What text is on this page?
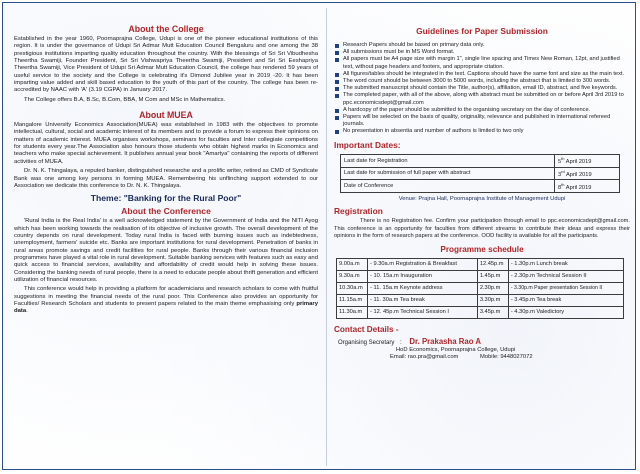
About the College

Established in the year 1960, Poornaprajna College, Udupi is one of the pioneer educational institutions of this region. It is under the governance of Udupi Sri Admar Mutt Education Council Bengaluru and one among the 38 prestigious institutions imparting quality education throughout the country. With the blessings of Sri Sri Vibudhesha Theertha Swamiji, Founder President, Sri Sri Vishwapriya Theertha Swamiji, President and Sri Sri Eeshapriya Theertha Swamiji, Vice President of Udupi Sri Admar Mutt Education Council, the college has rendered 59 years of useful service to the society and the College is celebrating it's Dimond Jubilee year in 2019 -20. It has been imparting value added and skill based education to the youth of this part of the country. The college has been re-accredited by NAAC with 'A' (3.19 CGPA) in January 2017.

The College offers B.A, B.Sc, B.Com, BBA, M Com and MSc in Mathematics.

About MUEA

Mangalore University Economics Association(MUEA) was established in 1983 with the objectives to promote intellectual, cultural, social and academic interest of its members and to provide a forum to express their opinions on matters of academic interest. MUEA organises workshops, seminars for faculties and Inter collegiate competitions for students every year.The Association also honours those students who obtain highest marks in Economics and teachers who make special achievement. It publishes annual year book "Amartya" containing the reports of different activities of MUEA.

Dr. N. K. Thingalaya, a reputed banker, distinguished researche and a prolific writer, retired as CMD of Syndicate Bank was one among key persons in forming MUEA. Remembering his unflinching support extended to our Association we dedicate this conference to Dr. N. K. Thingalaya.

Theme: "Banking for the Rural Poor"
About the Conference

'Rural India is the Real India' is a well acknowledged statement by the Government of India and the NITI Ayog which has been working towards the realisation of its objective of inclusive growth. The overall development of the country depends on rural development. Today rural India is faced with burning issues such as indebtedness, unemployment, farmers' suicide etc. Banks are important institutions for rural development. Penetration of banks in rural areas promote savings and credit facilities for rural people. Banks through their various financial inclusion programmes have played a vital role in rural development. Suitable banking services with features such as easy and quick access to financial services, availability and affordability of credit would help in solving these issues. Considering the banking needs of rural people, there is a need to educate people about thrift generation and efficient utilization of financial resources.

This conference would help in providing a platform for academicians and research scholars to come with fruitful suggestions in meeting the financial needs of the rural poor. This Conference also provides an opportunity for Faculties/ Research Scholars and students to present papers related to the main theme emphasising only primary data.

Guidelines for Paper Submission
Research Papers should be based on primary data only.
All submissions must be in MS Word format.
All papers must be A4 page size with margin 1", single line spacing and Times New Roman, 12pt, and justified text, without page headers and footers, and appropriate citation.
All figures/tables should be integrated in the text. Captions should have the same font and size as the main text.
The word count should be between 3000 to 5000 words, including the abstract that is limited to 300 words.
The submitted manuscript should contain the Title, author(s), affiliation, email ID, abstract, and five keywords.
The completed paper, with all of the above, along with abstract must be submitted on or before April 3rd 2019 to ppc.economicsdept@gmail.com
A hardcopy of the paper should be submitted to the organising secretary on the day of conference.
Papers will be selected on the basis of quality, originality, relevance and published in international refereed journals.
No presentation in absentia and number of authors is limited to two only
Important Dates:
Last date for Registration	5th April 2019
Last date for submission of full paper with abstract	3rd April 2019
Date of Conference	8th April 2019
Venue: Prajna Hall, Poornaprajna Institute of Management Udupi
Registration

There is no Registration fee. Confirm your participation through email to ppc.economicsdept@gmail.com. This conference is an opportunity for faculties from different streams to contribute their ideas and express their opinions in the form of research papers at the conference. OOD facility is available for all the participants.

Programme schedule
9.00a.m	- 9.30a.m Registration & Breakfast	12.45p.m	- 1.30p.m Lunch break
9.30a.m	- 10. 15a.m Inauguration	1.45p.m	- 2.30p.m Technical Session II
10.30a.m	- 11. 15a.m Keynote address	2.30p.m	- 3.30p.m Paper presentation Session II
11.15a.m	- 11. 30a.m Tea break	3.30p.m	- 3.45p.m Tea break
11.30a.m	- 12. 45p.m Technical Session I	3.45p.m	- 4.30p.m Valedictory
Contact Details -
Organising Secretary : Dr. Prakasha Rao A
HoD Economics, Poornaprajna College, Udupi
Email: rao.pra@gmail.com	Mobile: 9448027072
